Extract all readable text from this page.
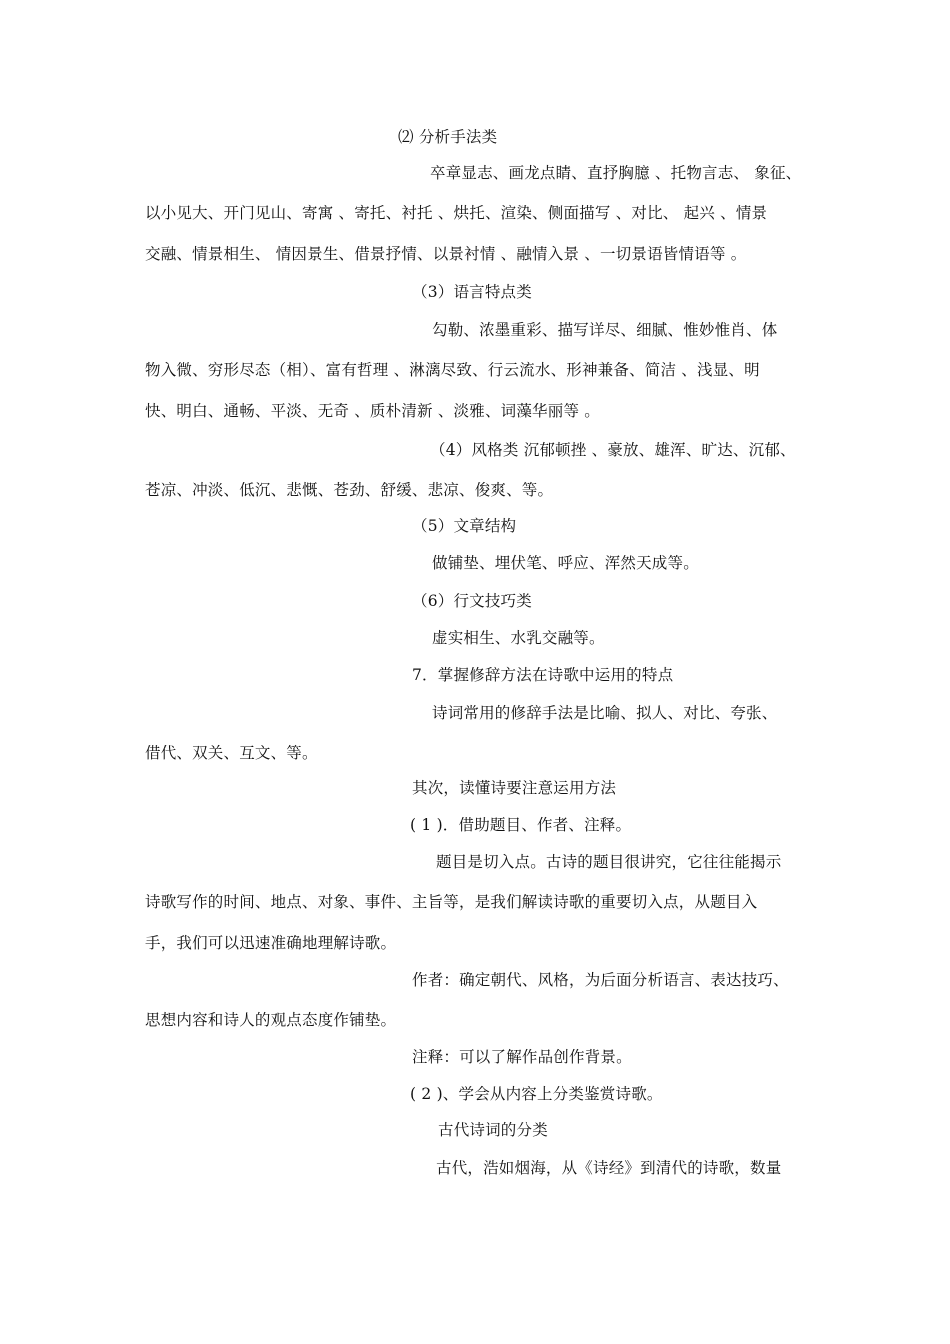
⑵ 分析手法类
卒章显志、画龙点睛、直抒胸臆 、托物言志、 象征、
以小见大、开门见山、寄寓 、寄托、衬托 、烘托、渲染、侧面描写 、对比、 起兴 、情景
交融、情景相生、 情因景生、借景抒情、以景衬情 、融情入景 、一切景语皆情语等 。
（3）语言特点类
勾勒、浓墨重彩、描写详尽、细腻、惟妙惟肖、体
物入微、穷形尽态（相）、富有哲理 、淋漓尽致、行云流水、形神兼备、简洁 、浅显、明
快、明白、通畅、平淡、无奇 、质朴清新 、淡雅、词藻华丽等 。
（4）风格类 沉郁顿挫 、豪放、雄浑、旷达、沉郁、
苍凉、冲淡、低沉、悲慨、苍劲、舒缓、悲凉、俊爽、等。
（5）文章结构
做铺垫、埋伏笔、呼应、浑然天成等。
（6）行文技巧类
虚实相生、水乳交融等。
7．掌握修辞方法在诗歌中运用的特点
诗词常用的修辞手法是比喻、拟人、对比、夸张、
借代、双关、互文、等。
其次，读懂诗要注意运用方法
( 1 )．借助题目、作者、注释。
题目是切入点。古诗的题目很讲究，它往往能揭示
诗歌写作的时间、地点、对象、事件、主旨等，是我们解读诗歌的重要切入点，从题目入
手，我们可以迅速准确地理解诗歌。
作者：确定朝代、风格，为后面分析语言、表达技巧、
思想内容和诗人的观点态度作铺垫。
注释：可以了解作品创作背景。
( 2 )、学会从内容上分类鉴赏诗歌。
古代诗词的分类
古代，浩如烟海，从《诗经》到清代的诗歌，数量
